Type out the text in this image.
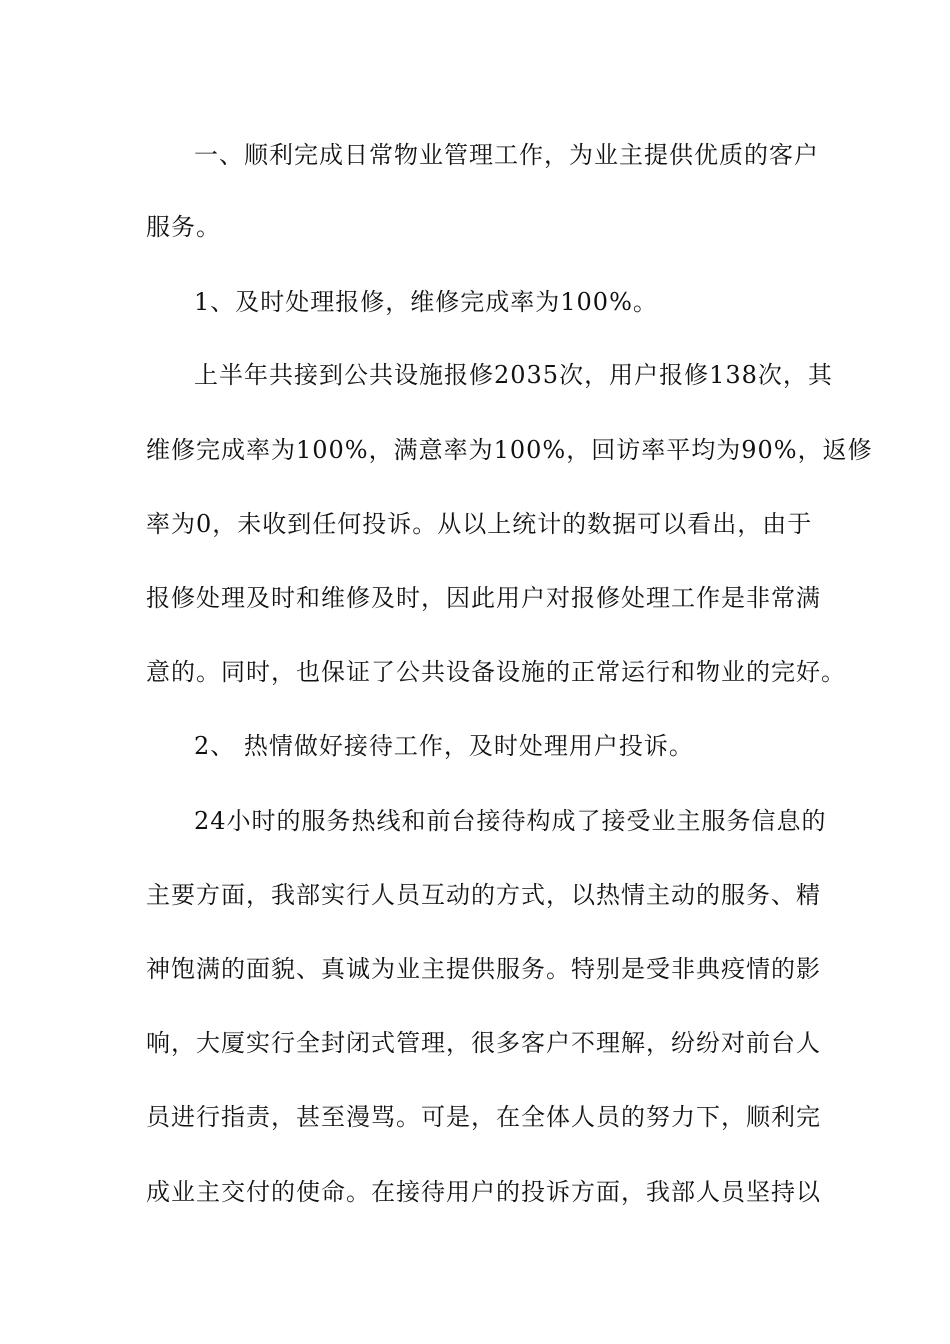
一、顺利完成日常物业管理工作，为业主提供优质的客户
服务。
1、及时处理报修，维修完成率为100%。
上半年共接到公共设施报修2035次，用户报修138次，其
维修完成率为100%，满意率为100%，回访率平均为90%，返修
率为0，未收到任何投诉。从以上统计的数据可以看出，由于
报修处理及时和维修及时，因此用户对报修处理工作是非常满
意的。同时，也保证了公共设备设施的正常运行和物业的完好。
2、 热情做好接待工作，及时处理用户投诉。
24小时的服务热线和前台接待构成了接受业主服务信息的
主要方面，我部实行人员互动的方式，以热情主动的服务、精
神饱满的面貌、真诚为业主提供服务。特别是受非典疫情的影
响，大厦实行全封闭式管理，很多客户不理解，纷纷对前台人
员进行指责，甚至漫骂。可是，在全体人员的努力下，顺利完
成业主交付的使命。在接待用户的投诉方面，我部人员坚持以
